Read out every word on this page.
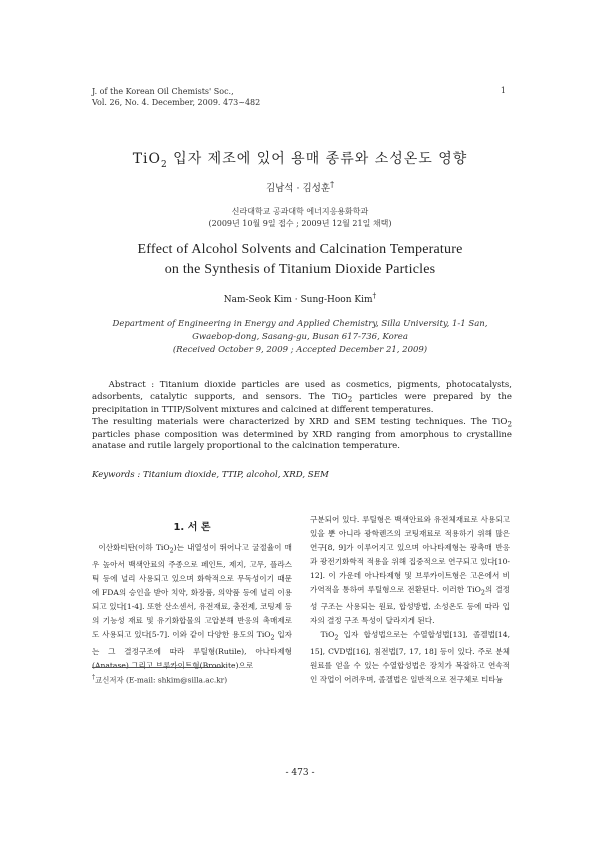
J. of the Korean Oil Chemists' Soc.,
Vol. 26, No. 4. December, 2009. 473~482
1
TiO$_2$ 입자 제조에 있어 용매 종류와 소성온도 영향
김남석 · 김성훈†
신라대학교 공과대학 에너지응용화학과
(2009년 10월 9일 접수 ; 2009년 12월 21일 채택)
Effect of Alcohol Solvents and Calcination Temperature
on the Synthesis of Titanium Dioxide Particles
Nam-Seok Kim · Sung-Hoon Kim†
Department of Engineering in Energy and Applied Chemistry, Silla University, 1-1 San,
Gwaebop-dong, Sasang-gu, Busan 617-736, Korea
(Received October 9, 2009 ; Accepted December 21, 2009)
Abstract : Titanium dioxide particles are used as cosmetics, pigments, photocatalysts, adsorbents, catalytic supports, and sensors. The TiO$_2$ particles were prepared by the precipitation in TTIP/Solvent mixtures and calcined at different temperatures.
The resulting materials were characterized by XRD and SEM testing techniques. The TiO$_2$ particles phase composition was determined by XRD ranging from amorphous to crystalline anatase and rutile largely proportional to the calcination temperature.
Keywords : Titanium dioxide, TTIP, alcohol, XRD, SEM
1. 서 론
이산화티탄(이하 TiO$_2$)는 내열성이 뛰어나고 굴절율이 매우 높아서 백색안료의 주종으로 페인트, 제지, 고무, 플라스틱 등에 널리 사용되고 있으며 화학적으로 무독성이기 때문에 FDA의 승인을 받아 치약, 화장품, 의약품 등에 널리 이용되고 있다[1-4]. 또한 산소센서, 유전재료, 충전제, 코팅제 등의 기능성 재료 및 유기화합물의 고압분해 반응의 촉매제로도 사용되고 있다[5-7]. 이와 같이 다양한 용도의 TiO$_2$ 입자는 그 결정구조에 따라 루틸형(Rutile), 아나타제형(Anatase) 그리고 브루카이트형(Brookite)으로
구분되어 있다. 루틸형은 백색안료와 유전체재료로 사용되고 있을 뿐 아니라 광학렌즈의 코팅재료로 적용하기 위해 많은 연구[8, 9]가 이루어지고 있으며 아나타제형는 광촉매 반응과 광전기화학적 적용을 위해 집중적으로 연구되고 있다[10-12]. 이 가운데 아나타제형 및 브루카이트형은 고온에서 비가역적을 통하여 루틸형으로 전환된다. 이러한 TiO$_2$의 결정성 구조는 사용되는 원료, 합성방법, 소성온도 등에 따라 입자의 결정 구조 특성이 달라지게 된다.
TiO$_2$ 입자 합성법으로는 수열합성법[13], 졸겔법[14, 15], CVD법[16], 침전법[7, 17, 18] 등이 있다. 주로 분체 원료를 얻을 수 있는 수열합성법은 장치가 복잡하고 연속적인 작업이 어려우며, 졸겔법은 일반적으로 전구체로 티타늄
†교신저자 (E-mail: shkim@silla.ac.kr)
- 473 -
